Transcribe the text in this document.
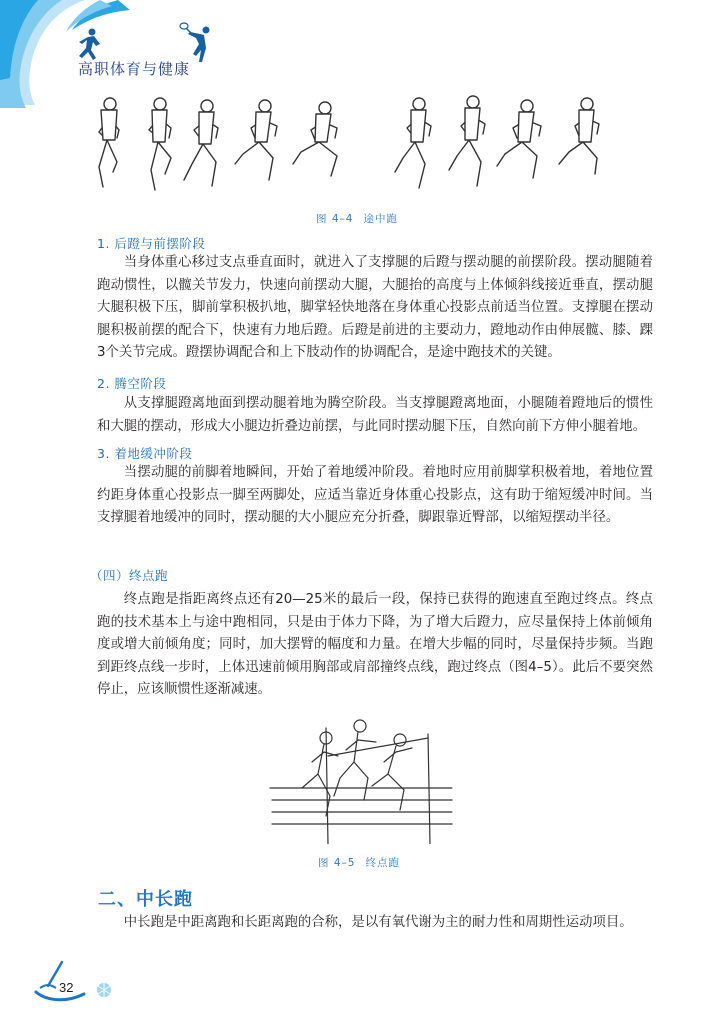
高职体育与健康
图 4–4 途中跑
1. 后蹬与前摆阶段

当身体重心移过支点垂直面时，就进入了支撑腿的后蹬与摆动腿的前摆阶段。摆动腿随着跑动惯性，以髋关节发力，快速向前摆动大腿，大腿抬的高度与上体倾斜线接近垂直，摆动腿大腿积极下压，脚前掌积极扒地，脚掌轻快地落在身体重心投影点前适当位置。支撑腿在摆动腿积极前摆的配合下，快速有力地后蹬。后蹬是前进的主要动力，蹬地动作由伸展髋、膝、踝3个关节完成。蹬摆协调配合和上下肢动作的协调配合，是途中跑技术的关键。

2. 腾空阶段

从支撑腿蹬离地面到摆动腿着地为腾空阶段。当支撑腿蹬离地面，小腿随着蹬地后的惯性和大腿的摆动，形成大小腿边折叠边前摆，与此同时摆动腿下压，自然向前下方伸小腿着地。

3. 着地缓冲阶段

当摆动腿的前脚着地瞬间，开始了着地缓冲阶段。着地时应用前脚掌积极着地，着地位置约距身体重心投影点一脚至两脚处，应适当靠近身体重心投影点，这有助于缩短缓冲时间。当支撑腿着地缓冲的同时，摆动腿的大小腿应充分折叠，脚跟靠近臀部，以缩短摆动半径。

（四）终点跑

终点跑是指距离终点还有20—25米的最后一段，保持已获得的跑速直至跑过终点。终点跑的技术基本上与途中跑相同，只是由于体力下降，为了增大后蹬力，应尽量保持上体前倾角度或增大前倾角度；同时，加大摆臂的幅度和力量。在增大步幅的同时，尽量保持步频。当跑到距终点线一步时，上体迅速前倾用胸部或肩部撞终点线，跑过终点（图4–5）。此后不要突然停止，应该顺惯性逐渐减速。

图 4–5 终点跑
二、中长跑

中长跑是中距离跑和长距离跑的合称，是以有氧代谢为主的耐力性和周期性运动项目。

32
